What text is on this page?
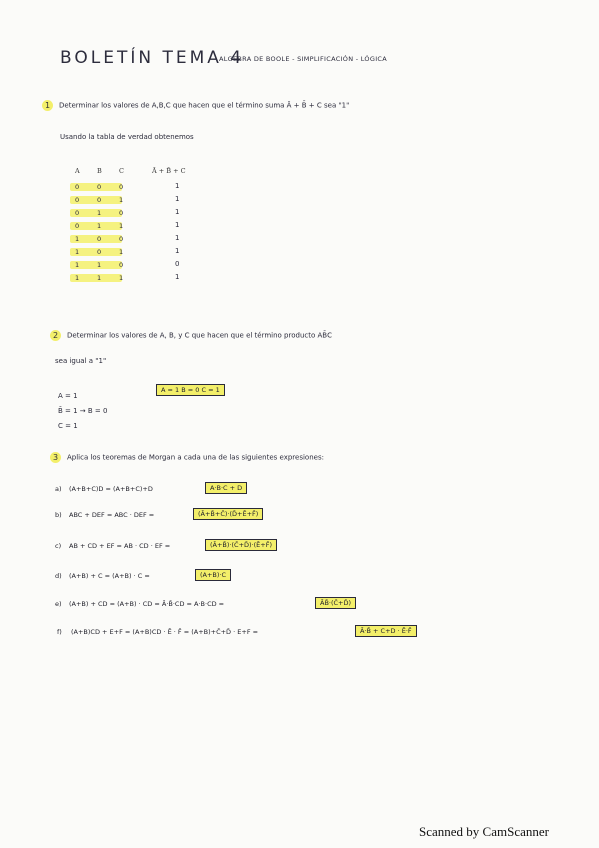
BOLETÍN TEMA 4
ALGEBRA DE BOOLE - SIMPLIFICACIÓN - LÓGICA
1 Determinar los valores de A,B,C que hacen que el término suma Ā + B̄ + C sea "1"
Usando la tabla de verdad obtenemos
A	B	C	Ā + B̄ + C
0	0	0	1
0	0	1	1
0	1	0	1
0	1	1	1
1	0	0	1
1	0	1	1
1	1	0	0
1	1	1	1
2 Determinar los valores de A, B, y C que hacen que el término producto AB̄C
sea igual a "1"
A = 1
B̄ = 1 → B = 0
C = 1
A = 1 B = 0 C = 1
3 Aplica los teoremas de Morgan a cada una de las siguientes expresiones:
a) (A+B+C)D = (A+B+C)+D	A·B·C + D
b) ABC + DEF = ABC · DEF =	(Ā+B̄+C̄)·(D̄+Ē+F̄)
c) AB + CD + EF = AB · CD · EF =	(Ā+B̄)·(C̄+D̄)·(Ē+F̄)
d) (A+B) + C = (A+B) · C =	(A+B)·C
e) (A+B) + CD = (A+B) · CD = Ā·B̄·CD = A·B·CD =	ĀB̄·(C̄+D̄)
f) (A+B)CD + E+F = (A+B)CD · Ē · F̄ = (A+B)+C̄+D̄ · E+F =	Ā·B̄ + C+D · Ē·F̄
Scanned by CamScanner
